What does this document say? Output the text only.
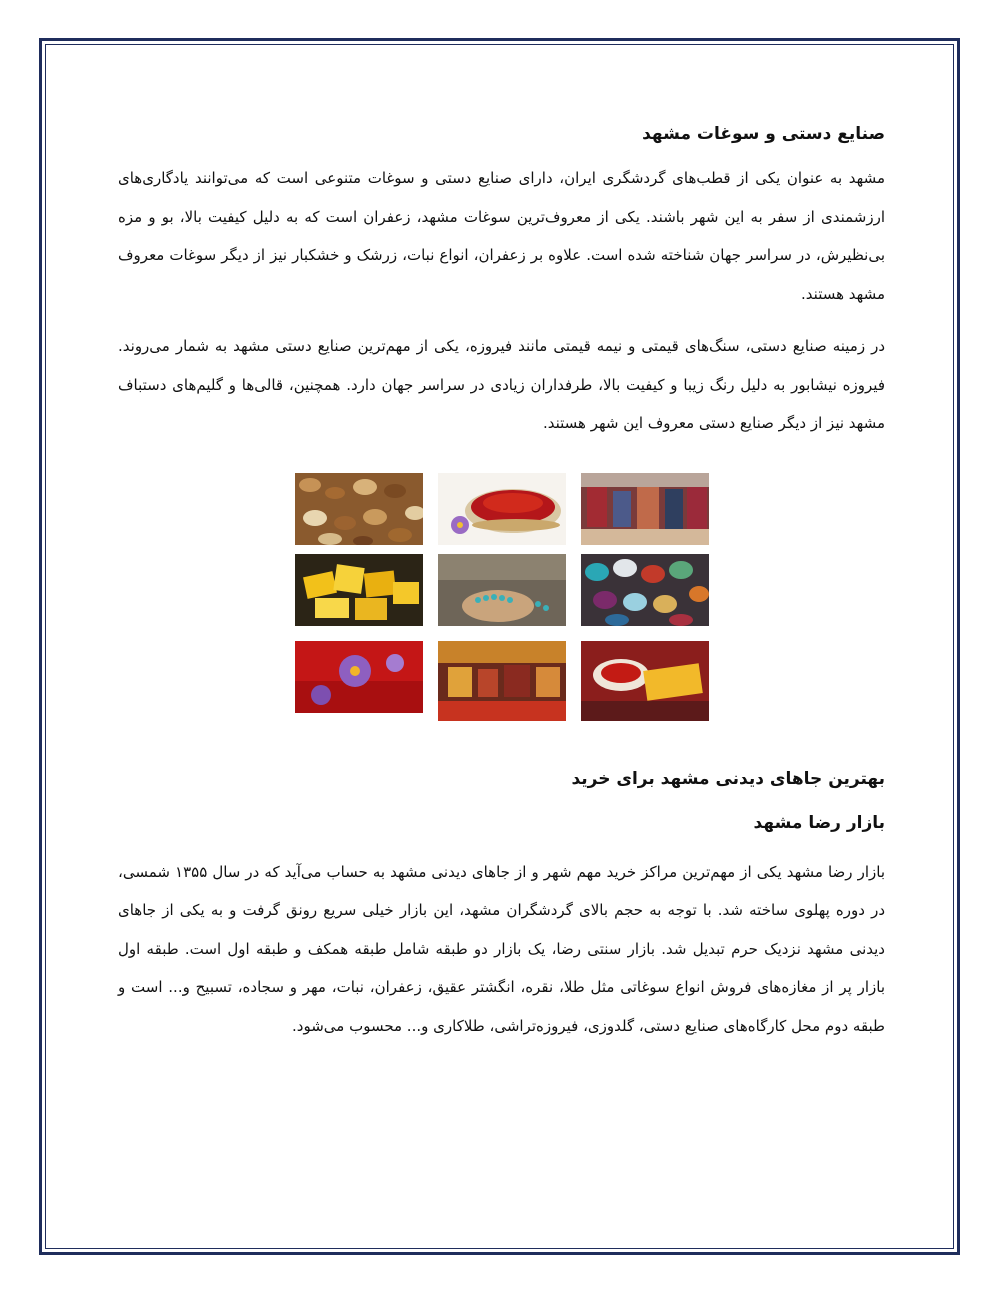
صنایع دستی و سوغات مشهد

مشهد به عنوان یکی از قطب‌های گردشگری ایران، دارای صنایع دستی و سوغات متنوعی است که می‌توانند یادگاری‌های ارزشمندی از سفر به این شهر باشند. یکی از معروف‌ترین سوغات مشهد، زعفران است که به دلیل کیفیت بالا، بو و مزه بی‌نظیرش، در سراسر جهان شناخته شده است. علاوه بر زعفران، انواع نبات، زرشک و خشکبار نیز از دیگر سوغات معروف مشهد هستند.

در زمینه صنایع دستی، سنگ‌های قیمتی و نیمه قیمتی مانند فیروزه، یکی از مهم‌ترین صنایع دستی مشهد به شمار می‌روند. فیروزه نیشابور به دلیل رنگ زیبا و کیفیت بالا، طرفداران زیادی در سراسر جهان دارد. همچنین، قالی‌ها و گلیم‌های دستباف مشهد نیز از دیگر صنایع دستی معروف این شهر هستند.

بهترین جاهای دیدنی مشهد برای خرید
بازار رضا مشهد

بازار رضا مشهد یکی از مهم‌ترین مراکز خرید مهم شهر و از جاهای دیدنی مشهد به حساب می‌آید که در سال ۱۳۵۵ شمسی، در دوره پهلوی ساخته شد. با توجه به حجم بالای گردشگران مشهد، این بازار خیلی سریع رونق گرفت و به یکی از جاهای دیدنی مشهد نزدیک حرم تبدیل شد. بازار سنتی رضا، یک بازار دو طبقه شامل طبقه همکف و طبقه اول است. طبقه اول بازار پر از مغازه‌های فروش انواع سوغاتی مثل طلا، نقره، انگشتر عقیق، زعفران، نبات، مهر و سجاده، تسبیح و... است و طبقه دوم محل کارگاه‌های صنایع دستی، گلدوزی، فیروزه‌تراشی، طلاکاری و... محسوب می‌شود.
